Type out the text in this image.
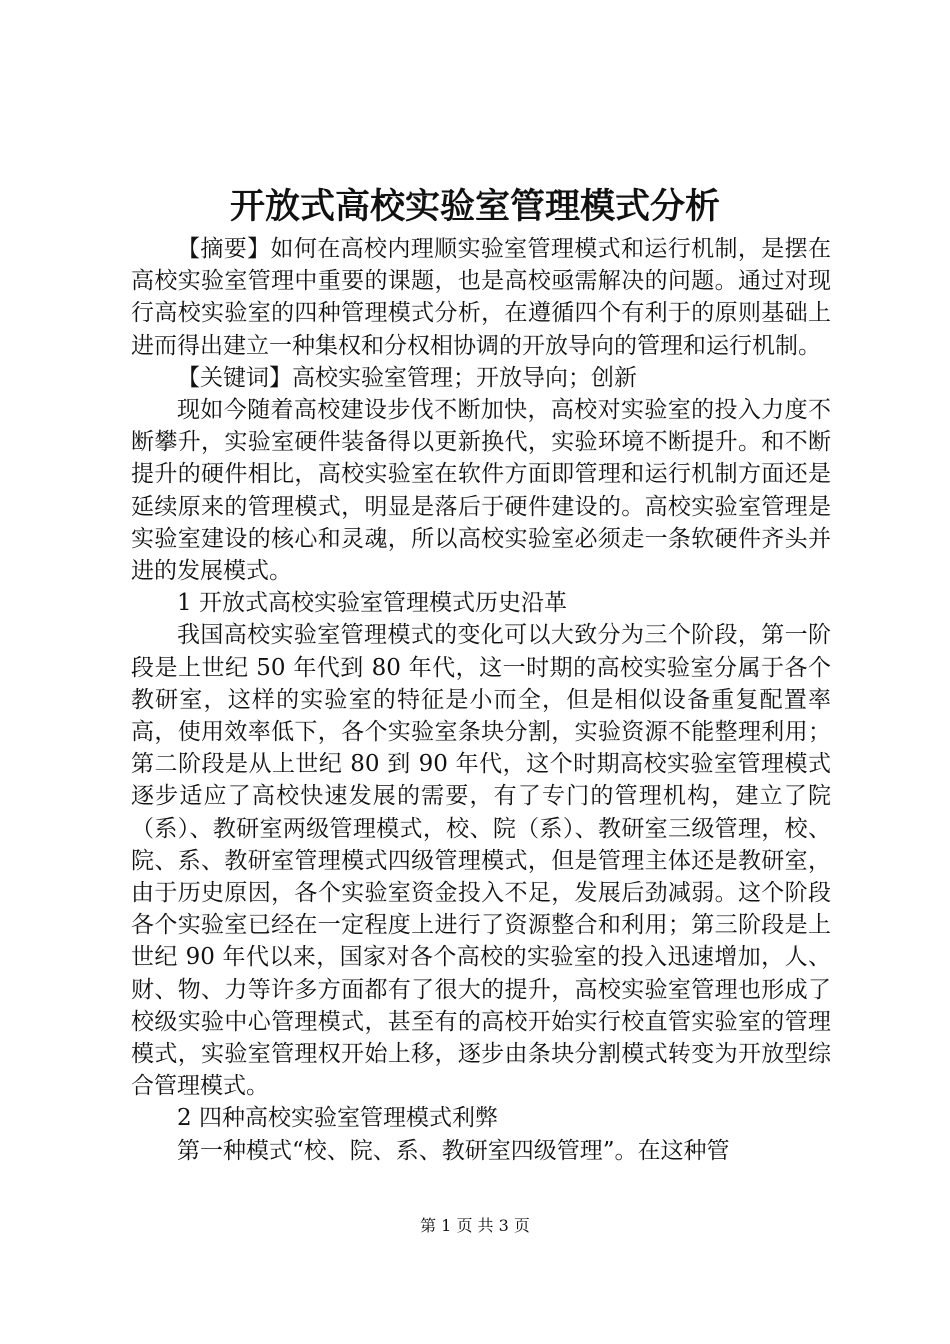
开放式高校实验室管理模式分析

【摘要】如何在高校内理顺实验室管理模式和运行机制，是摆在高校实验室管理中重要的课题，也是高校亟需解决的问题。通过对现行高校实验室的四种管理模式分析，在遵循四个有利于的原则基础上进而得出建立一种集权和分权相协调的开放导向的管理和运行机制。

【关键词】高校实验室管理；开放导向；创新

现如今随着高校建设步伐不断加快，高校对实验室的投入力度不断攀升，实验室硬件装备得以更新换代，实验环境不断提升。和不断提升的硬件相比，高校实验室在软件方面即管理和运行机制方面还是延续原来的管理模式，明显是落后于硬件建设的。高校实验室管理是实验室建设的核心和灵魂，所以高校实验室必须走一条软硬件齐头并进的发展模式。

1 开放式高校实验室管理模式历史沿革

我国高校实验室管理模式的变化可以大致分为三个阶段，第一阶段是上世纪 50 年代到 80 年代，这一时期的高校实验室分属于各个教研室，这样的实验室的特征是小而全，但是相似设备重复配置率高，使用效率低下，各个实验室条块分割，实验资源不能整理利用；第二阶段是从上世纪 80 到 90 年代，这个时期高校实验室管理模式逐步适应了高校快速发展的需要，有了专门的管理机构，建立了院（系）、教研室两级管理模式，校、院（系）、教研室三级管理，校、院、系、教研室管理模式四级管理模式，但是管理主体还是教研室，由于历史原因，各个实验室资金投入不足，发展后劲减弱。这个阶段各个实验室已经在一定程度上进行了资源整合和利用；第三阶段是上世纪 90 年代以来，国家对各个高校的实验室的投入迅速增加，人、财、物、力等许多方面都有了很大的提升，高校实验室管理也形成了校级实验中心管理模式，甚至有的高校开始实行校直管实验室的管理模式，实验室管理权开始上移，逐步由条块分割模式转变为开放型综合管理模式。

2 四种高校实验室管理模式利弊

第一种模式“校、院、系、教研室四级管理”。在这种管

第 1 页 共 3 页
